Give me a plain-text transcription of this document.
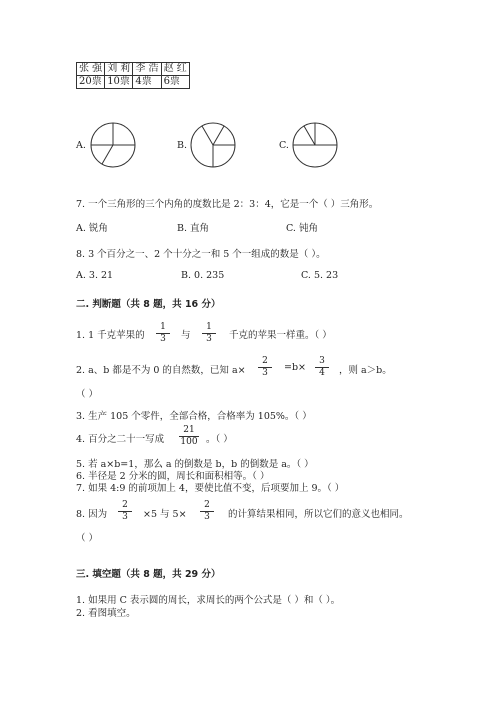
张 强	刘 莉	李 浩	赵 红
20票	10票	4票	6票
A.	B.	C.
7. 一个三角形的三个内角的度数比是 2：3：4，它是一个（ ）三角形。
A. 锐角	B. 直角	C. 钝角
8. 3 个百分之一、2 个十分之一和 5 个一组成的数是（ ）。
A. 3. 21	B. 0. 235	C. 5. 23
二. 判断题（共 8 题，共 16 分）
1. 1 千克苹果的 $\frac{1}{3}$ 与 $\frac{1}{3}$ 千克的苹果一样重。（ ）
2. a、b 都是不为 0 的自然数，已知 $a\times \frac{2}{3} =b\times \frac{3}{4}$ ，则 a＞b。
（ ）
3. 生产 105 个零件，全部合格，合格率为 105%。（ ）
4. 百分之二十一写成 $\frac{21}{100}$ 。（ ）
5. 若 a×b=1，那么 a 的倒数是 b，b 的倒数是 a。（ ）
6. 半径是 2 分米的圆，周长和面积相等。（ ）
7. 如果 4:9 的前项加上 4，要使比值不变，后项要加上 9。（ ）
8. 因为 $\frac{2}{3} \times 5$ 与 $5\times \frac{2}{3}$ 的计算结果相同，所以它们的意义也相同。
（ ）
三. 填空题（共 8 题，共 29 分）
1. 如果用 C 表示圆的周长，求周长的两个公式是（ ）和（ ）。
2. 看图填空。
